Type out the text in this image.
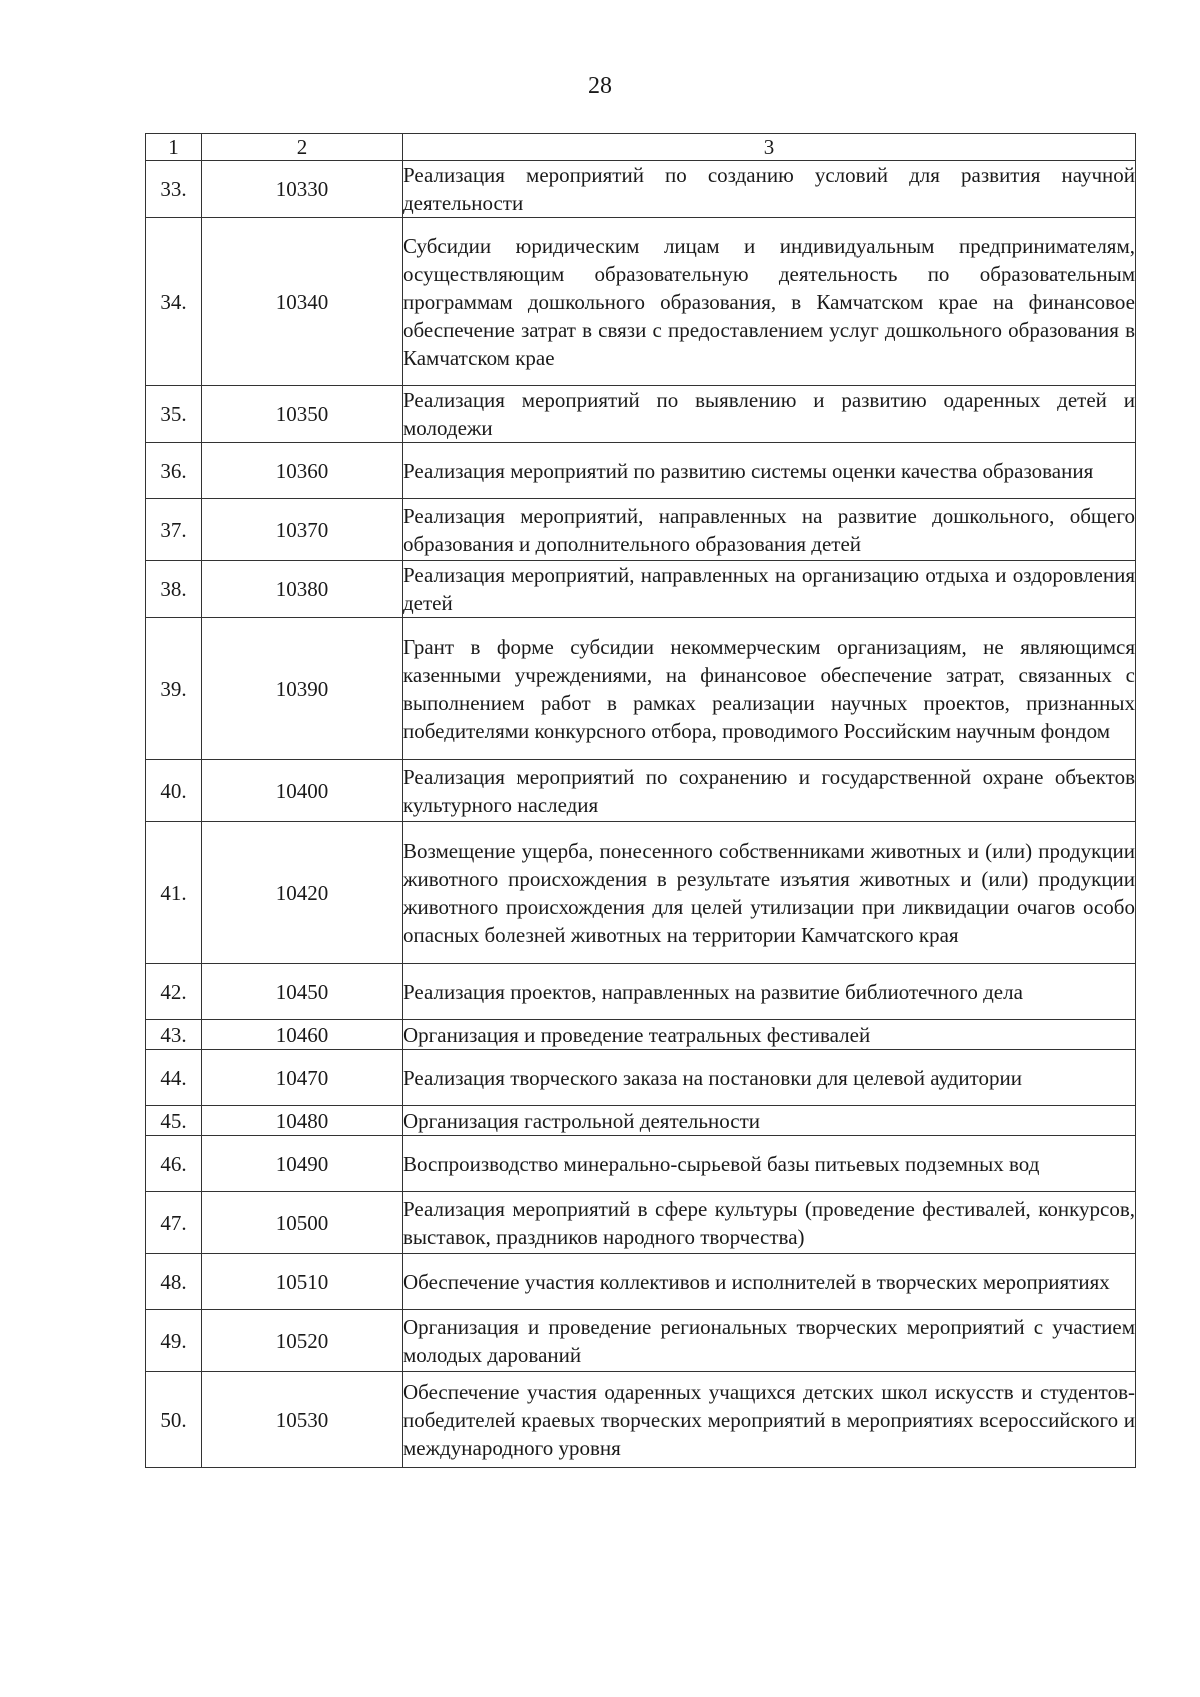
28
1	2	3
33.	10330	Реализация мероприятий по созданию условий для развития научной деятельности
34.	10340	Субсидии юридическим лицам и индивидуальным предпринимателям, осуществляющим образовательную деятельность по образовательным программам дошкольного образования, в Камчатском крае на финансовое обеспечение затрат в связи с предоставлением услуг дошкольного образования в Камчатском крае
35.	10350	Реализация мероприятий по выявлению и развитию одаренных детей и молодежи
36.	10360	Реализация мероприятий по развитию системы оценки качества образования
37.	10370	Реализация мероприятий, направленных на развитие дошкольного, общего образования и дополнительного образования детей
38.	10380	Реализация мероприятий, направленных на организацию отдыха и оздоровления детей
39.	10390	Грант в форме субсидии некоммерческим организациям, не являющимся казенными учреждениями, на финансовое обеспечение затрат, связанных с выполнением работ в рамках реализации научных проектов, признанных победителями конкурсного отбора, проводимого Российским научным фондом
40.	10400	Реализация мероприятий по сохранению и государственной охране объектов культурного наследия
41.	10420	Возмещение ущерба, понесенного собственниками животных и (или) продукции животного происхождения в результате изъятия животных и (или) продукции животного происхождения для целей утилизации при ликвидации очагов особо опасных болезней животных на территории Камчатского края
42.	10450	Реализация проектов, направленных на развитие библиотечного дела
43.	10460	Организация и проведение театральных фестивалей
44.	10470	Реализация творческого заказа на постановки для целевой аудитории
45.	10480	Организация гастрольной деятельности
46.	10490	Воспроизводство минерально-сырьевой базы питьевых подземных вод
47.	10500	Реализация мероприятий в сфере культуры (проведение фестивалей, конкурсов, выставок, праздников народного творчества)
48.	10510	Обеспечение участия коллективов и исполнителей в творческих мероприятиях
49.	10520	Организация и проведение региональных творческих мероприятий с участием молодых дарований
50.	10530	Обеспечение участия одаренных учащихся детских школ искусств и студентов-победителей краевых творческих мероприятий в мероприятиях всероссийского и международного уровня
